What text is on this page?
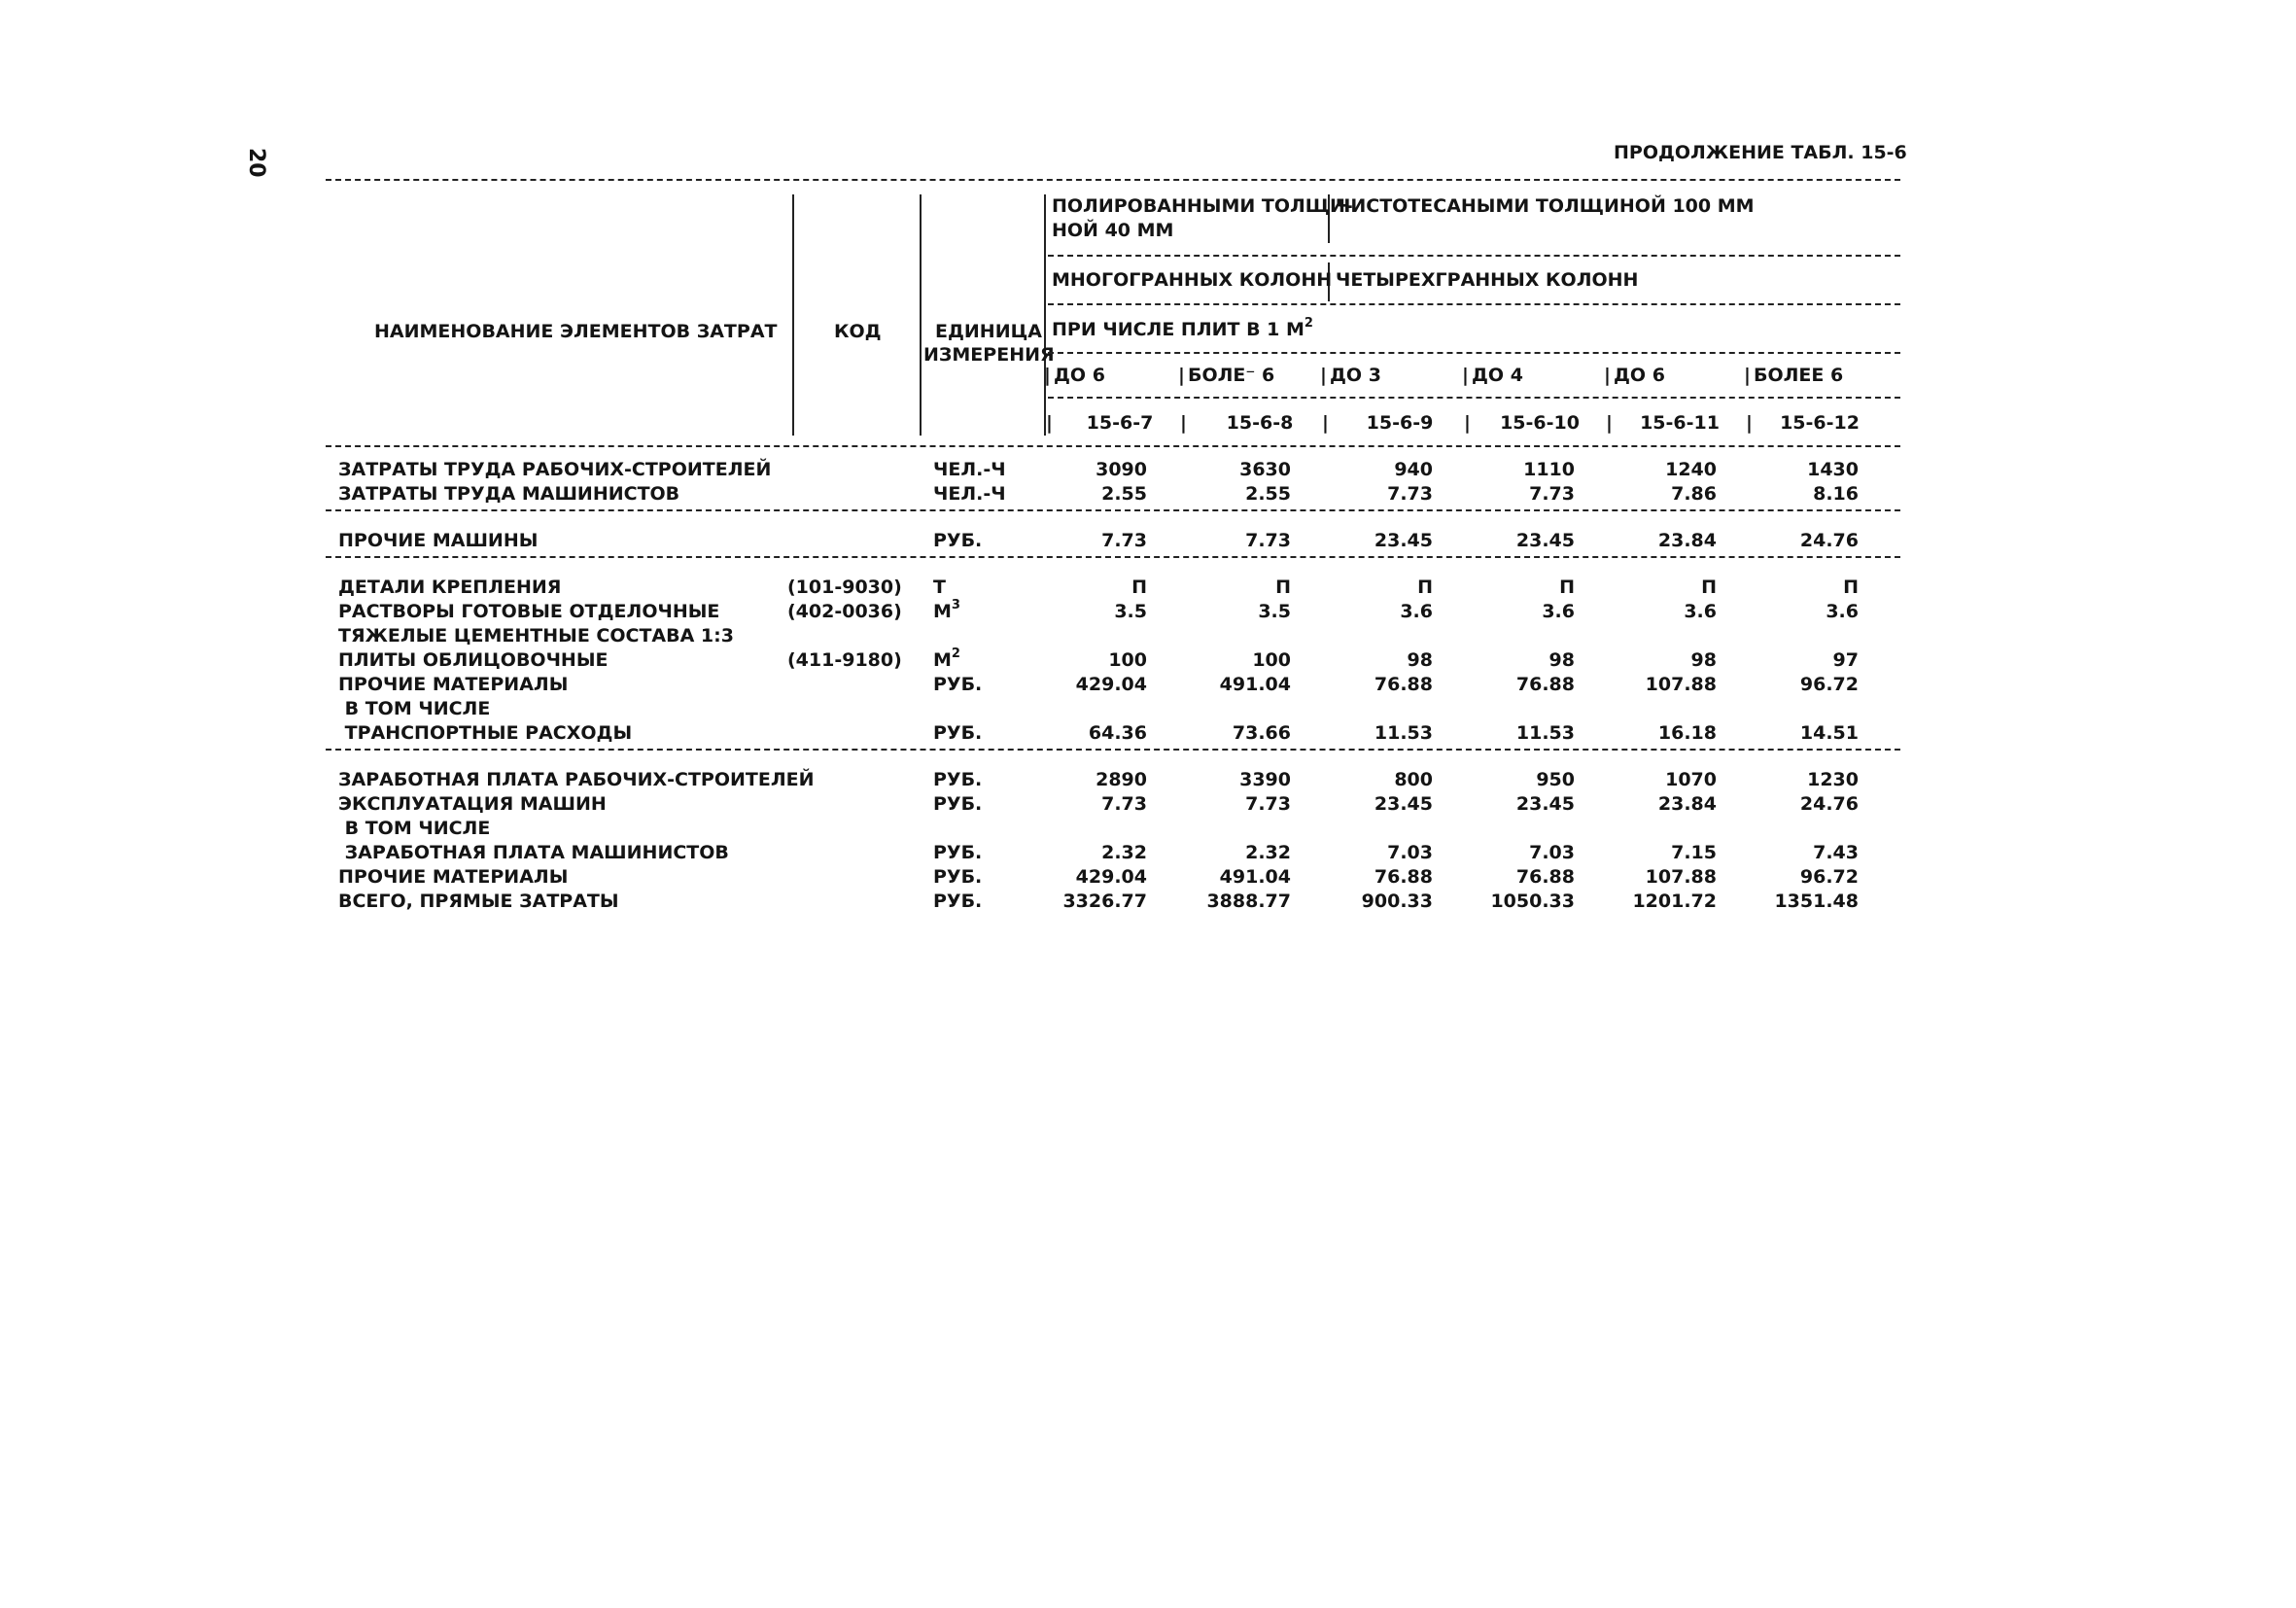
20	ПРОДОЛЖЕНИЕ ТАБЛ. 15-6
НАИМЕНОВАНИЕ ЭЛЕМЕНТОВ ЗАТРАТ	КОД	ЕДИНИЦА
ИЗМЕРЕНИЯ
ПОЛИРОВАННЫМИ ТОЛЩИ-
НОЙ 40 ММ
ЧИСТОТЕСАНЫМИ ТОЛЩИНОЙ 100 ММ
МНОГОГРАННЫХ КОЛОНН ЧЕТЫРЕХГРАННЫХ КОЛОНН
ПРИ ЧИСЛЕ ПЛИТ В 1 $М^2$
| ДО 6	| БОЛЕ⁻ 6 | ДО 3	| ДО 4	| ДО 6	| БОЛЕЕ 6
|	15-6-7	|	15-6-8	|	15-6-9	|	15-6-10	|	15-6-11	|	15-6-12
ЗАТРАТЫ ТРУДА РАБОЧИХ-СТРОИТЕЛЕЙ	ЧЕЛ.-Ч	3090	3630	940	1110	1240	1430
ЗАТРАТЫ ТРУДА МАШИНИСТОВ	ЧЕЛ.-Ч	2.55	2.55	7.73	7.73	7.86	8.16
ПРОЧИЕ МАШИНЫ	РУБ.	7.73	7.73	23.45	23.45	23.84	24.76
ДЕТАЛИ КРЕПЛЕНИЯ	(101-9030) Т	П	П	П	П	П	П
РАСТВОРЫ ГОТОВЫЕ ОТДЕЛОЧНЫЕ	(402-0036) $М^3$	3.5	3.5	3.6	3.6	3.6	3.6
ТЯЖЕЛЫЕ ЦЕМЕНТНЫЕ СОСТАВА 1:3
ПЛИТЫ ОБЛИЦОВОЧНЫЕ	(411-9180) $М^2$	100	100	98	98	98	97
ПРОЧИЕ МАТЕРИАЛЫ	РУБ.	429.04	491.04	76.88	76.88	107.88	96.72
В ТОМ ЧИСЛЕ
ТРАНСПОРТНЫЕ РАСХОДЫ	РУБ.	64.36	73.66	11.53	11.53	16.18	14.51
ЗАРАБОТНАЯ ПЛАТА РАБОЧИХ-СТРОИТЕЛЕЙ	РУБ.	2890	3390	800	950	1070	1230
ЭКСПЛУАТАЦИЯ МАШИН	РУБ.	7.73	7.73	23.45	23.45	23.84	24.76
В ТОМ ЧИСЛЕ
ЗАРАБОТНАЯ ПЛАТА МАШИНИСТОВ	РУБ.	2.32	2.32	7.03	7.03	7.15	7.43
ПРОЧИЕ МАТЕРИАЛЫ	РУБ.	429.04	491.04	76.88	76.88	107.88	96.72
ВСЕГО, ПРЯМЫЕ ЗАТРАТЫ	РУБ.	3326.77	3888.77	900.33	1050.33	1201.72	1351.48
